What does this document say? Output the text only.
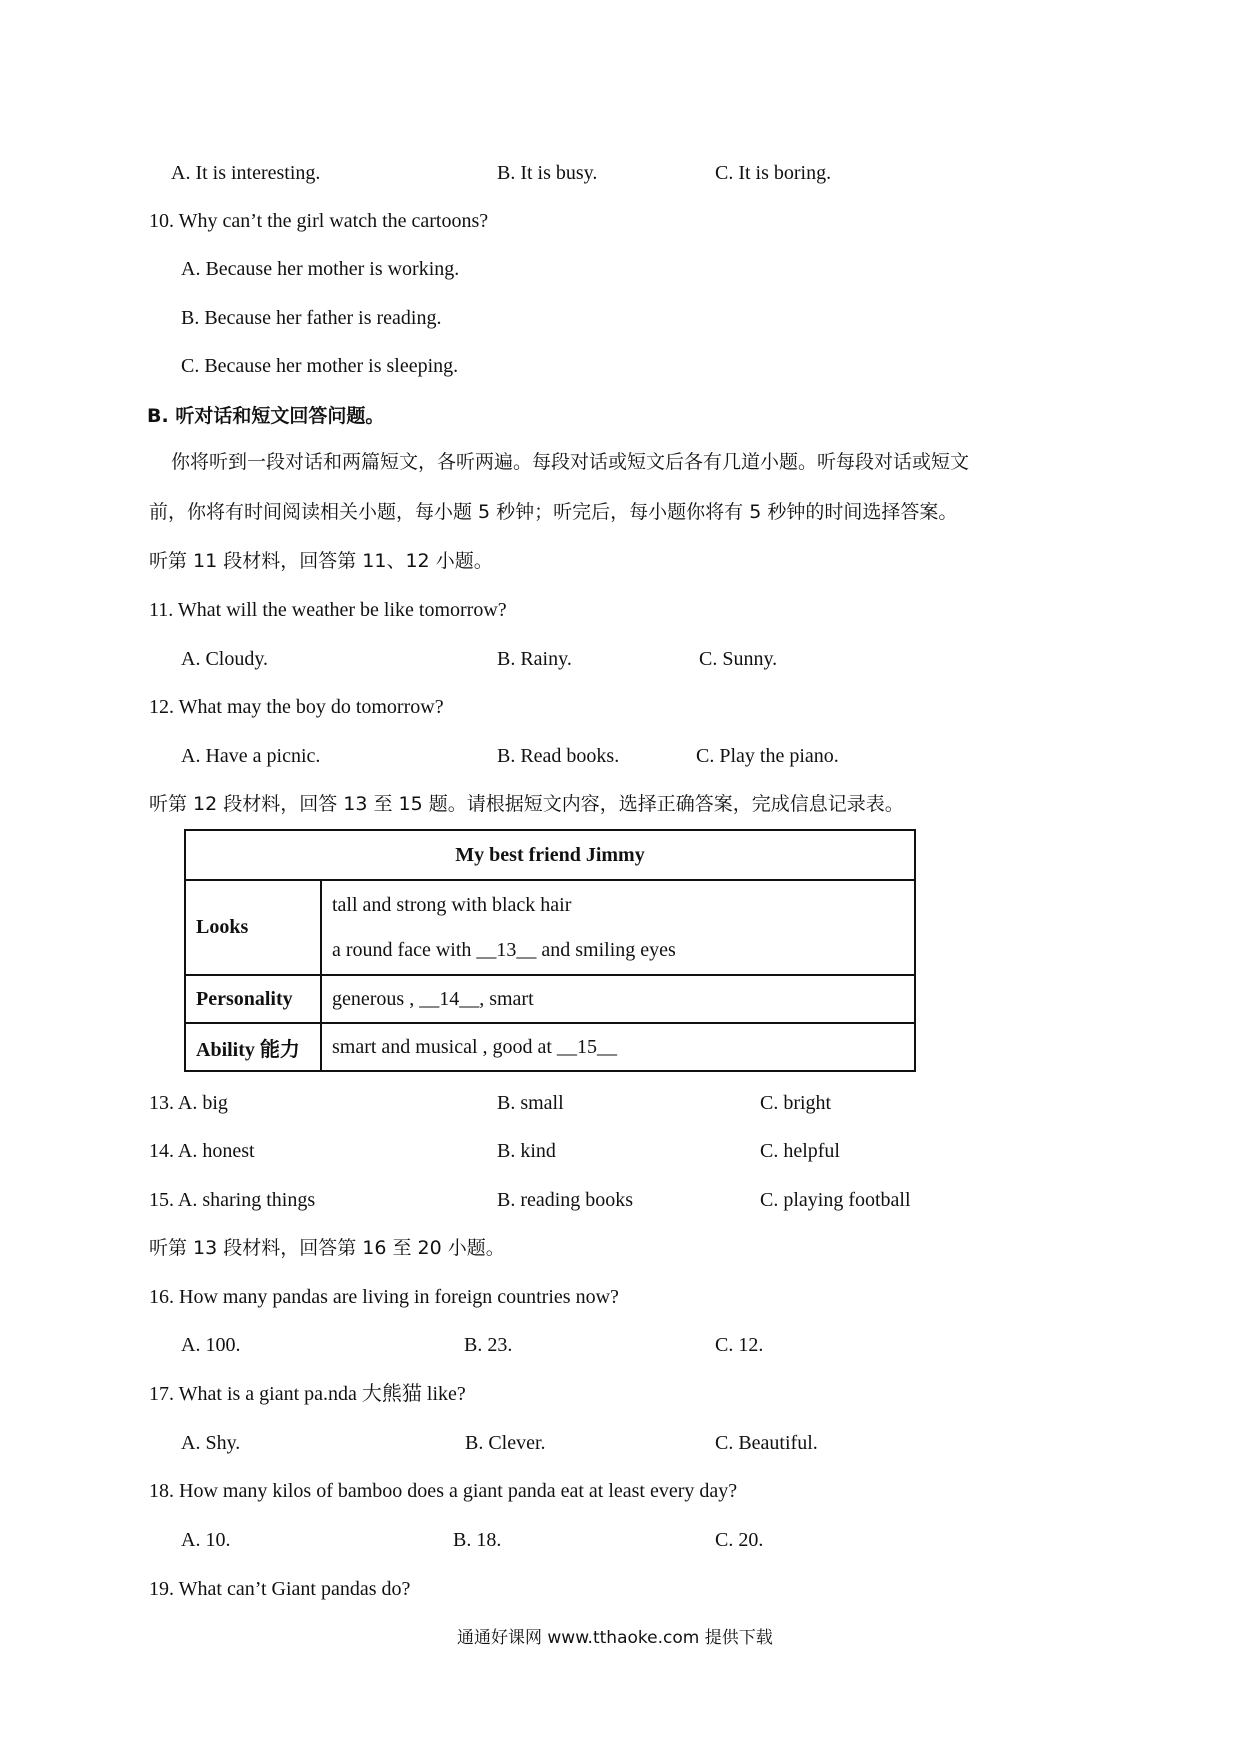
A. It is interesting.	B. It is busy.	C. It is boring.
10. Why can’t the girl watch the cartoons?
A. Because her mother is working.
B. Because her father is reading.
C. Because her mother is sleeping.
B. 听对话和短文回答问题。
你将听到一段对话和两篇短文，各听两遍。每段对话或短文后各有几道小题。听每段对话或短文
前，你将有时间阅读相关小题，每小题 5 秒钟；听完后，每小题你将有 5 秒钟的时间选择答案。
听第 11 段材料，回答第 11、12 小题。
11. What will the weather be like tomorrow?
A. Cloudy.	B. Rainy.	C. Sunny.
12. What may the boy do tomorrow?
A. Have a picnic.	B. Read books.	C. Play the piano.
听第 12 段材料，回答 13 至 15 题。请根据短文内容，选择正确答案，完成信息记录表。
My best friend Jimmy	
Looks	tall and strong with black hair
a round face with __13__ and smiling eyes

Personality	generous , __14__, smart
Ability 能力	smart and musical , good at __15__
13. A. big	B. small	C. bright
14. A. honest	B. kind	C. helpful
15. A. sharing things	B. reading books	C. playing football
听第 13 段材料，回答第 16 至 20 小题。
16. How many pandas are living in foreign countries now?
A. 100.	B. 23.	C. 12.
17. What is a giant pa.nda 大熊猫 like?
A. Shy.	B. Clever.	C. Beautiful.
18. How many kilos of bamboo does a giant panda eat at least every day?
A. 10.	B. 18.	C. 20.
19. What can’t Giant pandas do?
通通好课网 www.tthaoke.com 提供下载
